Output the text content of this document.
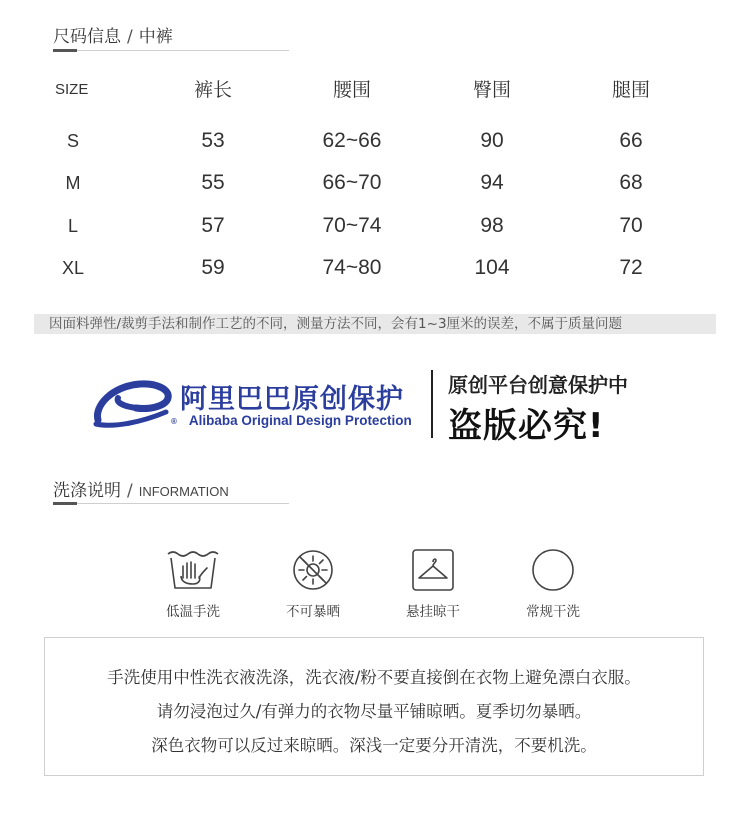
尺码信息 / 中裤
SIZE	裤长	腰围	臀围	腿围
S	53	62~66	90	66
M	55	66~70	94	68
L	57	70~74	98	70
XL	59	74~80	104	72
因面料弹性/裁剪手法和制作工艺的不同，测量方法不同，会有1~3厘米的误差，不属于质量问题
阿里巴巴原创保护
® Alibaba Original Design Protection
原创平台创意保护中
盗版必究!
洗涤说明 / INFORMATION
低温手洗	不可暴晒	悬挂晾干	常规干洗
手洗使用中性洗衣液洗涤，洗衣液/粉不要直接倒在衣物上避免漂白衣服。
请勿浸泡过久/有弹力的衣物尽量平铺晾晒。夏季切勿暴晒。
深色衣物可以反过来晾晒。深浅一定要分开清洗，不要机洗。
